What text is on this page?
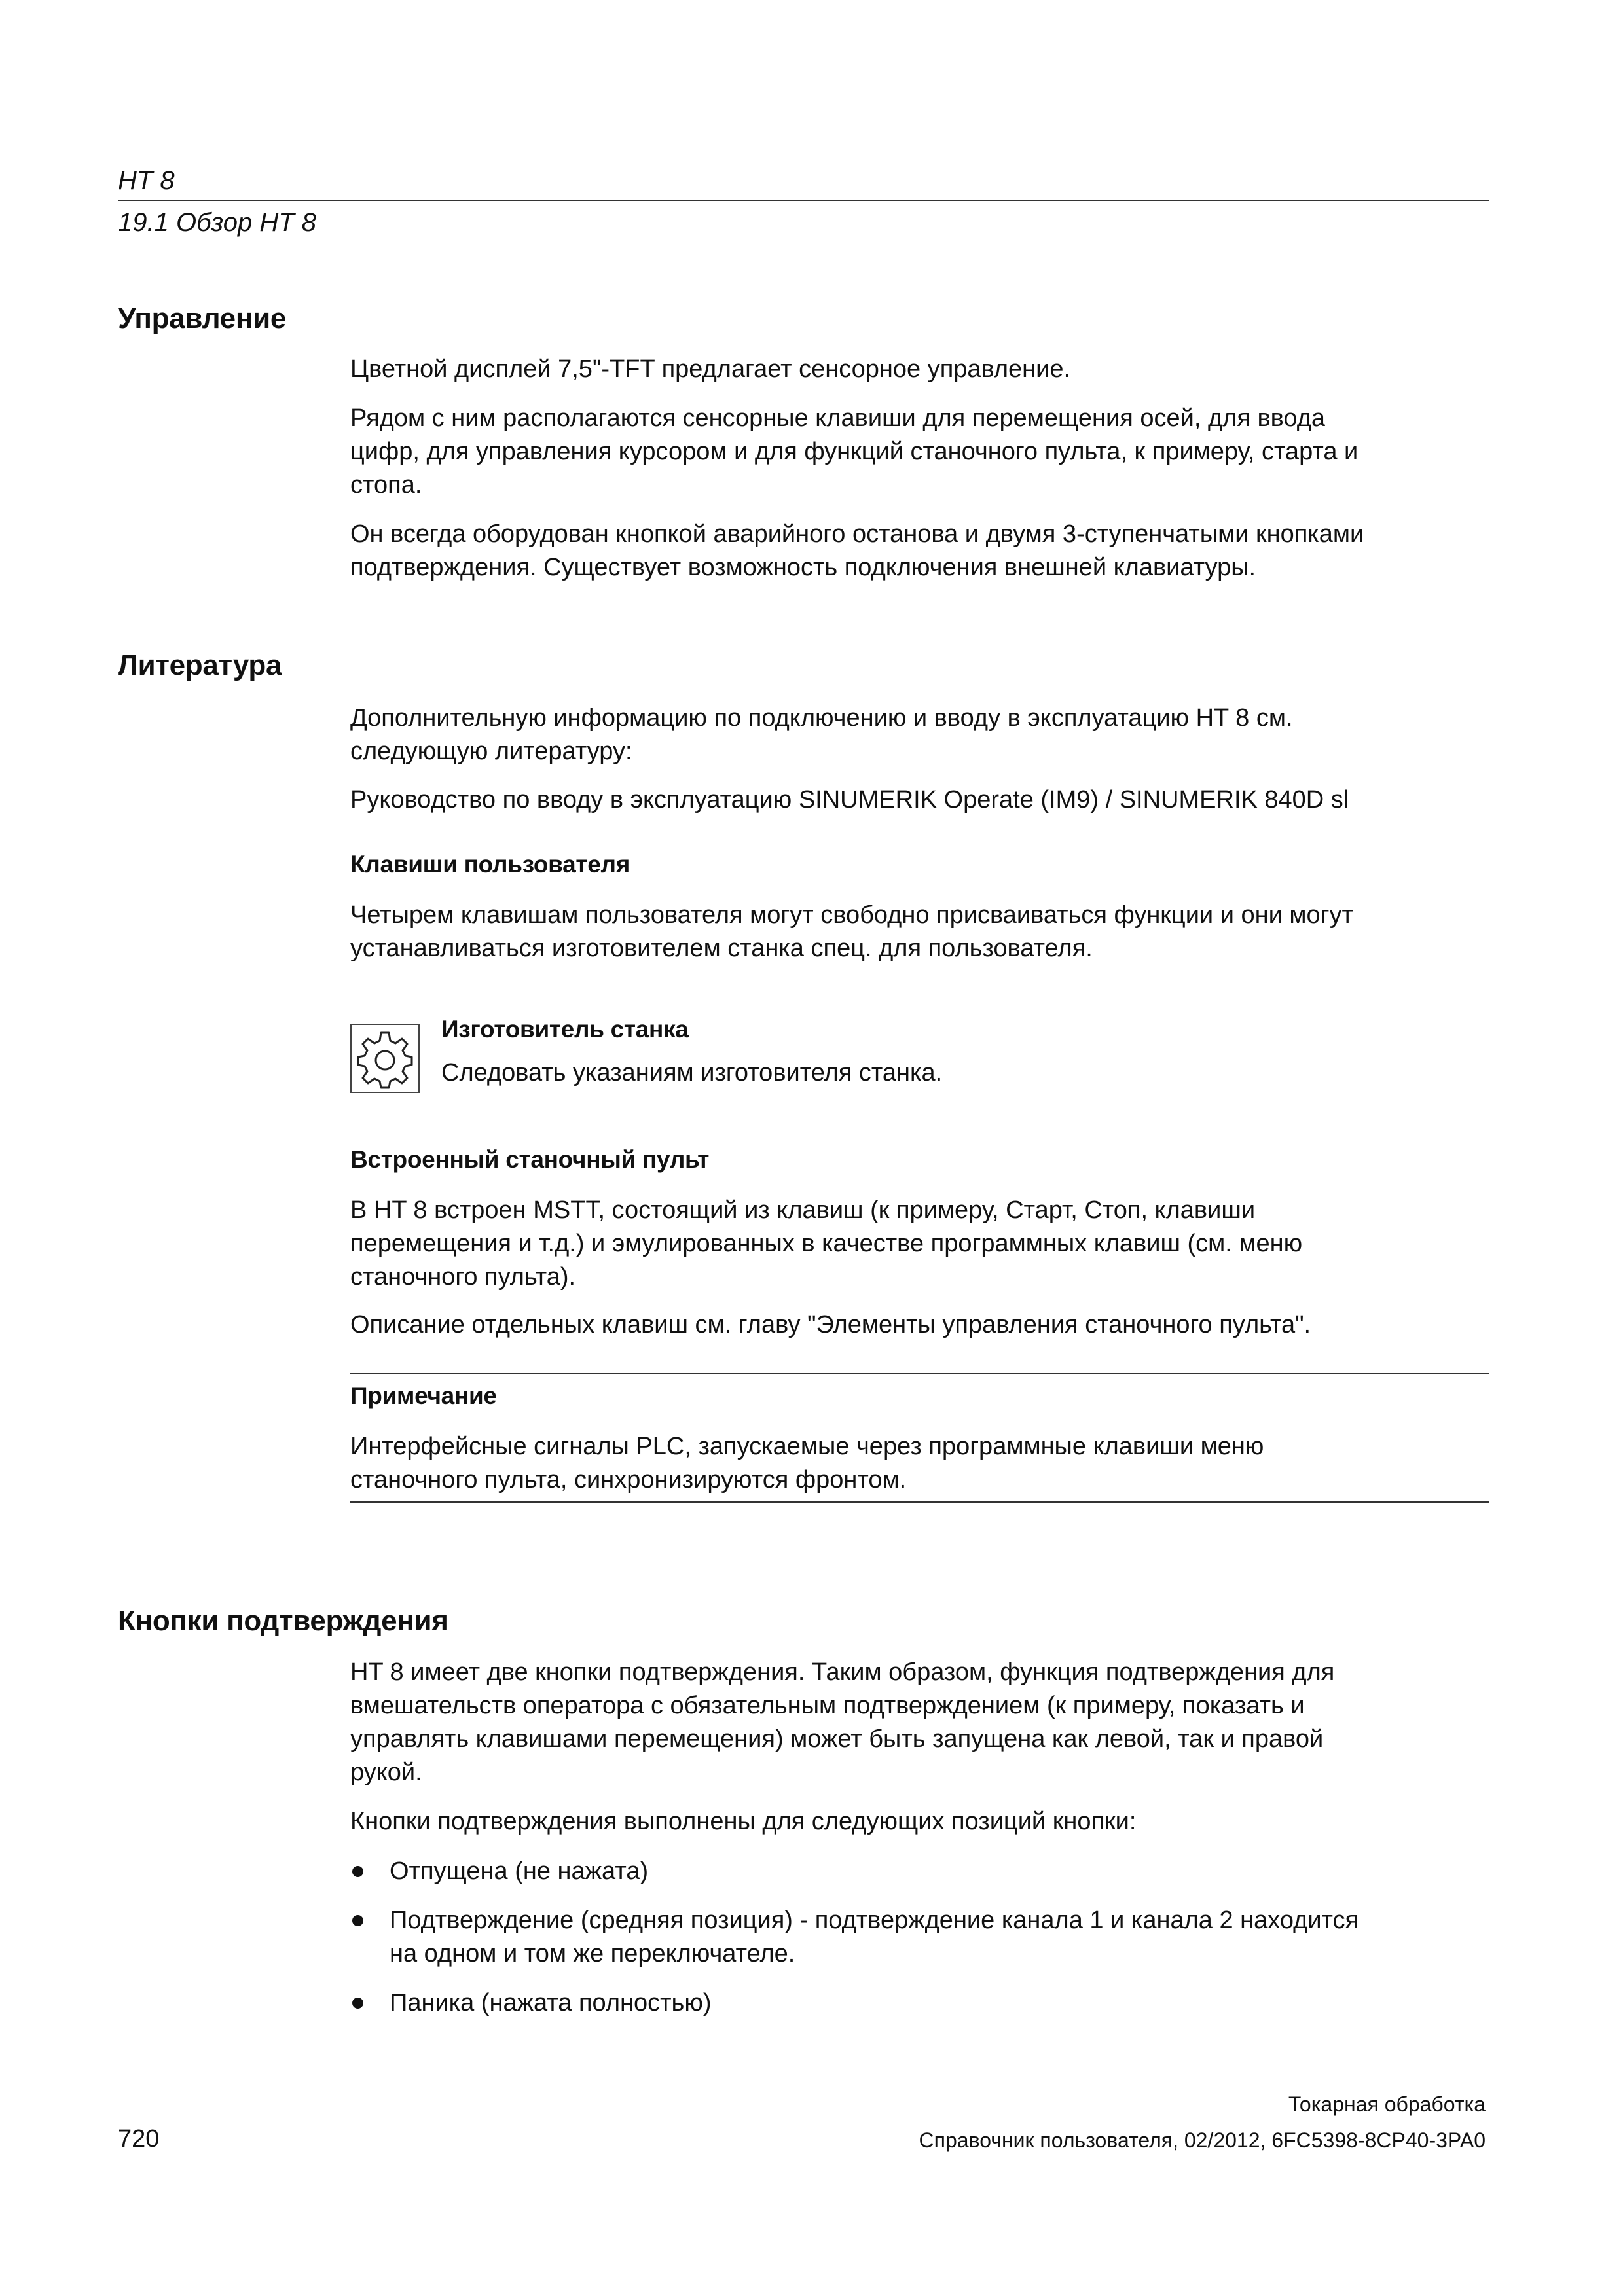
HT 8
19.1 Обзор HT 8
Управление
Цветной дисплей 7,5"-TFT предлагает сенсорное управление.
Рядом с ним располагаются сенсорные клавиши для перемещения осей, для ввода
цифр, для управления курсором и для функций станочного пульта, к примеру, старта и
стопа.
Он всегда оборудован кнопкой аварийного останова и двумя 3-ступенчатыми кнопками
подтверждения. Существует возможность подключения внешней клавиатуры.
Литература
Дополнительную информацию по подключению и вводу в эксплуатацию HT 8 см.
следующую литературу:
Руководство по вводу в эксплуатацию SINUMERIK Operate (IM9) / SINUMERIK 840D sl
Клавиши пользователя
Четырем клавишам пользователя могут свободно присваиваться функции и они могут
устанавливаться изготовителем станка спец. для пользователя.
Изготовитель станка
Следовать указаниям изготовителя станка.
Встроенный станочный пульт
В HT 8 встроен MSTT, состоящий из клавиш (к примеру, Старт, Стоп, клавиши
перемещения и т.д.) и эмулированных в качестве программных клавиш (см. меню
станочного пульта).
Описание отдельных клавиш см. главу "Элементы управления станочного пульта".
Примечание
Интерфейсные сигналы PLC, запускаемые через программные клавиши меню
станочного пульта, синхронизируются фронтом.
Кнопки подтверждения
HT 8 имеет две кнопки подтверждения. Таким образом, функция подтверждения для
вмешательств оператора с обязательным подтверждением (к примеру, показать и
управлять клавишами перемещения) может быть запущена как левой, так и правой
рукой.
Кнопки подтверждения выполнены для следующих позиций кнопки:
Отпущена (не нажата)
Подтверждение (средняя позиция) - подтверждение канала 1 и канала 2 находится
на одном и том же переключателе.
Паника (нажата полностью)
Токарная обработка
720	Справочник пользователя, 02/2012, 6FC5398-8CP40-3PA0
